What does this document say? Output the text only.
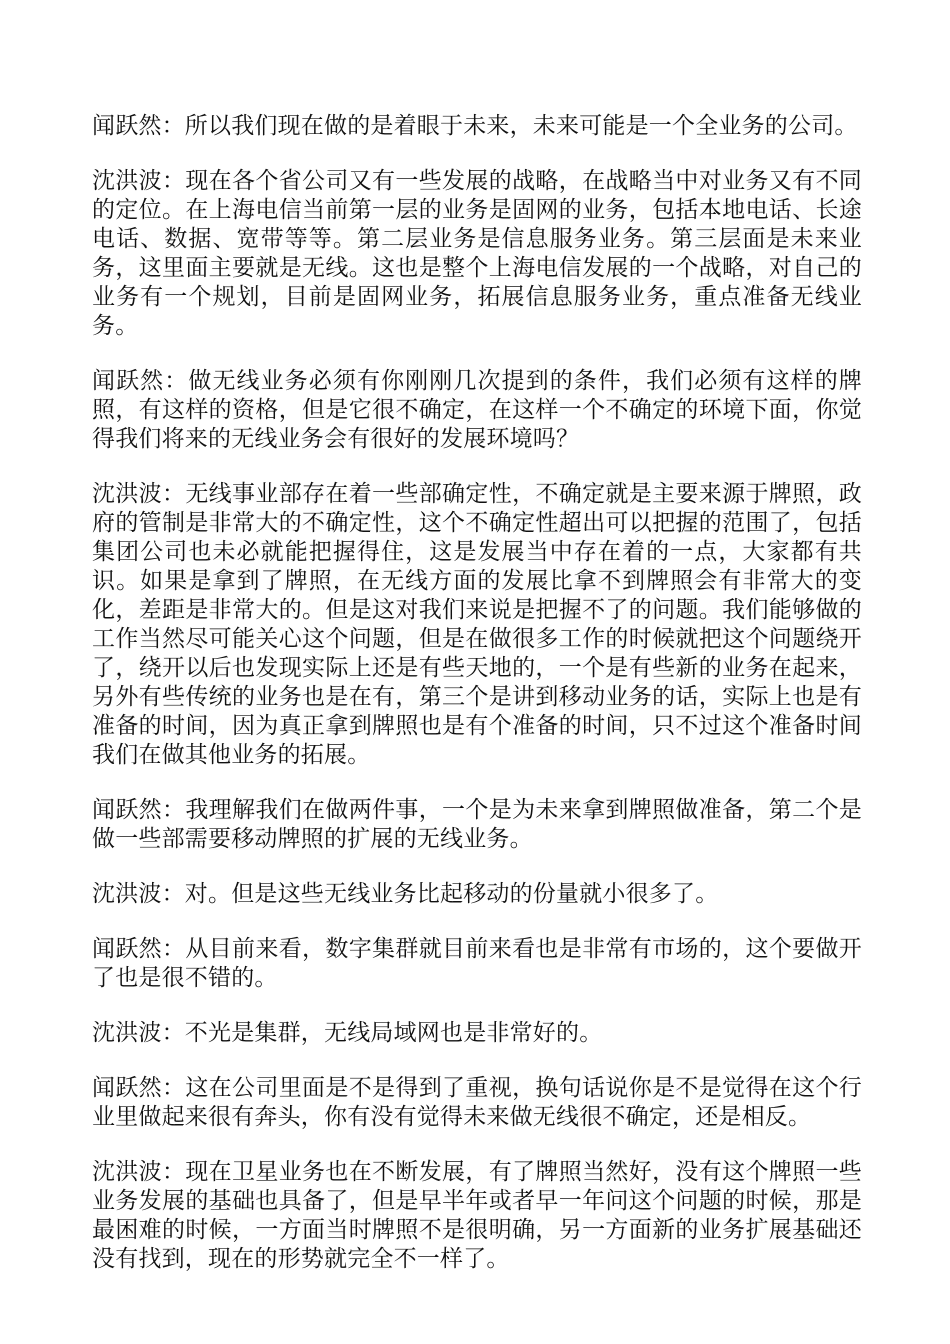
闻跃然：所以我们现在做的是着眼于未来，未来可能是一个全业务的公司。

沈洪波：现在各个省公司又有一些发展的战略，在战略当中对业务又有不同的定位。在上海电信当前第一层的业务是固网的业务，包括本地电话、长途电话、数据、宽带等等。第二层业务是信息服务业务。第三层面是未来业务，这里面主要就是无线。这也是整个上海电信发展的一个战略，对自己的业务有一个规划，目前是固网业务，拓展信息服务业务，重点准备无线业务。

闻跃然：做无线业务必须有你刚刚几次提到的条件，我们必须有这样的牌照，有这样的资格，但是它很不确定，在这样一个不确定的环境下面，你觉得我们将来的无线业务会有很好的发展环境吗？

沈洪波：无线事业部存在着一些部确定性，不确定就是主要来源于牌照，政府的管制是非常大的不确定性，这个不确定性超出可以把握的范围了，包括集团公司也未必就能把握得住，这是发展当中存在着的一点，大家都有共识。如果是拿到了牌照，在无线方面的发展比拿不到牌照会有非常大的变化，差距是非常大的。但是这对我们来说是把握不了的问题。我们能够做的工作当然尽可能关心这个问题，但是在做很多工作的时候就把这个问题绕开了，绕开以后也发现实际上还是有些天地的，一个是有些新的业务在起来，另外有些传统的业务也是在有，第三个是讲到移动业务的话，实际上也是有准备的时间，因为真正拿到牌照也是有个准备的时间，只不过这个准备时间我们在做其他业务的拓展。

闻跃然：我理解我们在做两件事，一个是为未来拿到牌照做准备，第二个是做一些部需要移动牌照的扩展的无线业务。

沈洪波：对。但是这些无线业务比起移动的份量就小很多了。

闻跃然：从目前来看，数字集群就目前来看也是非常有市场的，这个要做开了也是很不错的。

沈洪波：不光是集群，无线局域网也是非常好的。

闻跃然：这在公司里面是不是得到了重视，换句话说你是不是觉得在这个行业里做起来很有奔头，你有没有觉得未来做无线很不确定，还是相反。

沈洪波：现在卫星业务也在不断发展，有了牌照当然好，没有这个牌照一些业务发展的基础也具备了，但是早半年或者早一年问这个问题的时候，那是最困难的时候，一方面当时牌照不是很明确，另一方面新的业务扩展基础还没有找到，现在的形势就完全不一样了。
